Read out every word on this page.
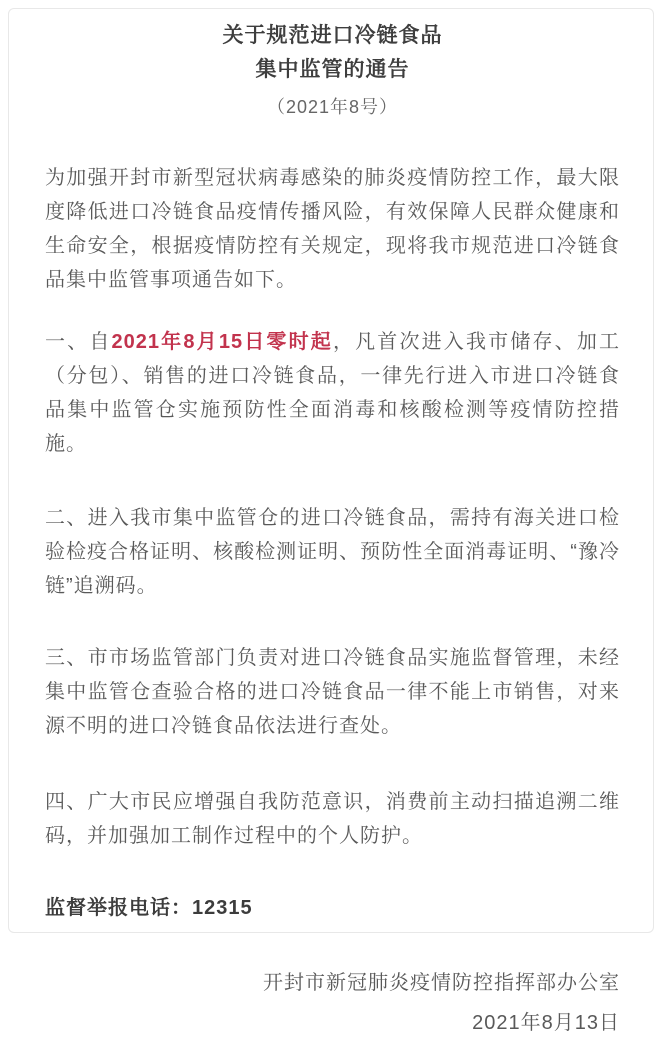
关于规范进口冷链食品
集中监管的通告
（2021年8号）

为加强开封市新型冠状病毒感染的肺炎疫情防控工作，最大限度降低进口冷链食品疫情传播风险，有效保障人民群众健康和生命安全，根据疫情防控有关规定，现将我市规范进口冷链食品集中监管事项通告如下。

一、自2021年8月15日零时起，凡首次进入我市储存、加工（分包）、销售的进口冷链食品，一律先行进入市进口冷链食品集中监管仓实施预防性全面消毒和核酸检测等疫情防控措施。

二、进入我市集中监管仓的进口冷链食品，需持有海关进口检验检疫合格证明、核酸检测证明、预防性全面消毒证明、“豫冷链”追溯码。

三、市市场监管部门负责对进口冷链食品实施监督管理，未经集中监管仓查验合格的进口冷链食品一律不能上市销售，对来源不明的进口冷链食品依法进行查处。

四、广大市民应增强自我防范意识，消费前主动扫描追溯二维码，并加强加工制作过程中的个人防护。

监督举报电话：12315

开封市新冠肺炎疫情防控指挥部办公室
2021年8月13日
